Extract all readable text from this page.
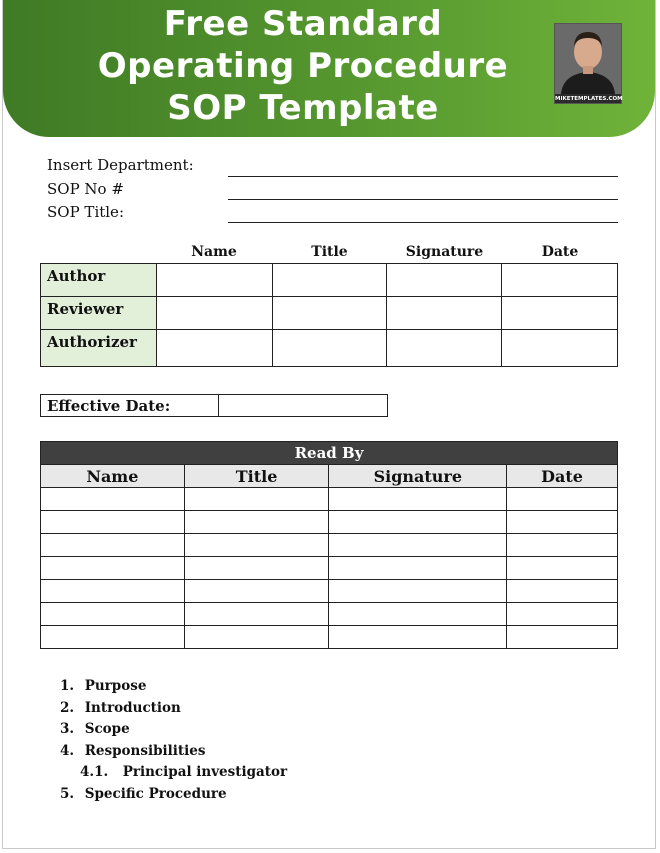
Free Standard
Operating Procedure
SOP Template	MIKETEMPLATES.COM
Insert Department:
SOP No #
SOP Title:
Name	Title	Signature	Date
Author				
Reviewer				
Authorizer				
Effective Date:	
Read By			
Name	Title	Signature	Date

1. Purpose
2. Introduction
3. Scope
4. Responsibilities
4.1. Principal investigator
5. Specific Procedure
